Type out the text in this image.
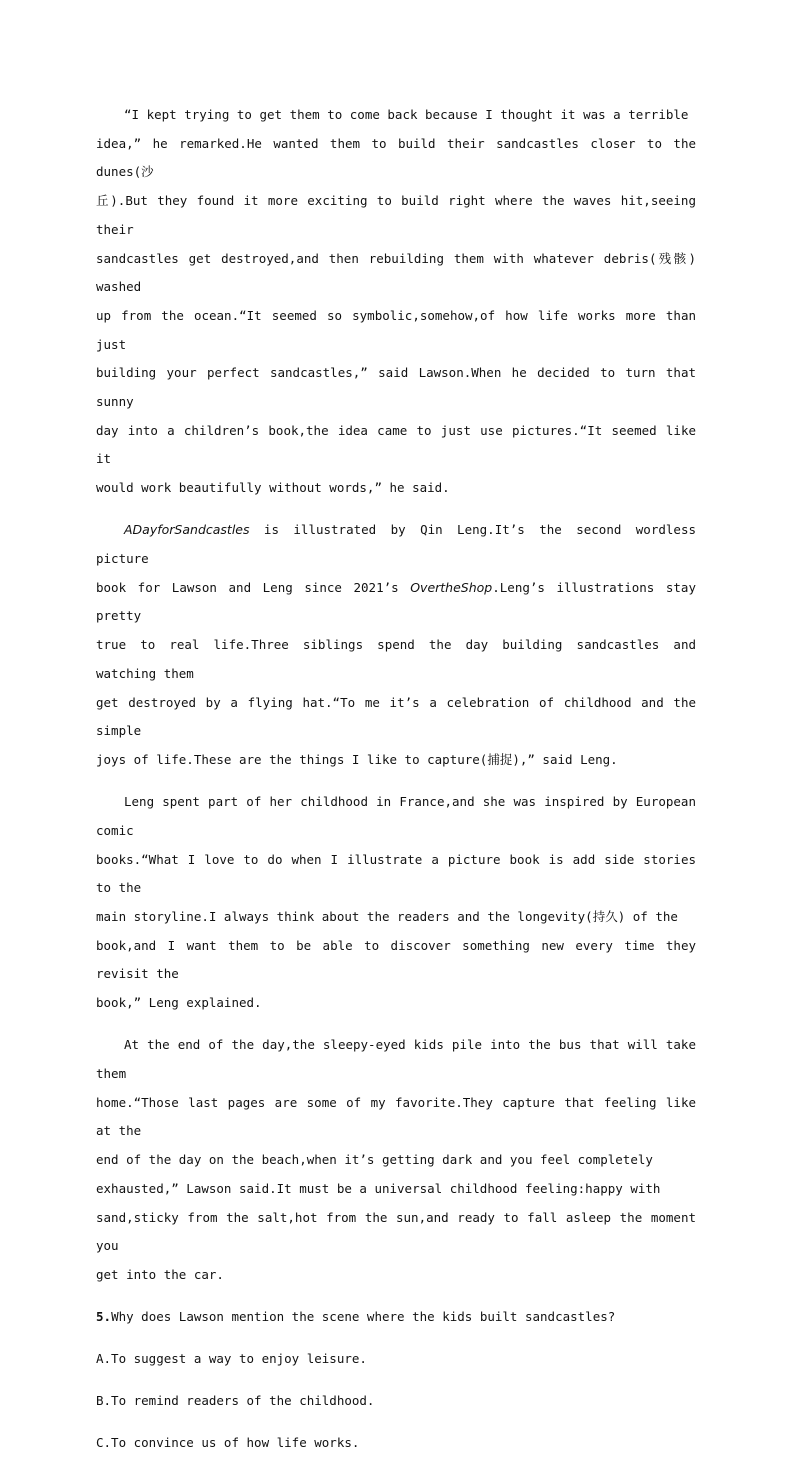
“I kept trying to get them to come back because I thought it was a terrible
idea,” he remarked.He wanted them to build their sandcastles closer to the dunes(沙
丘).But they found it more exciting to build right where the waves hit,seeing their
sandcastles get destroyed,and then rebuilding them with whatever debris(残骸) washed
up from the ocean.“It seemed so symbolic,somehow,of how life works more than just
building your perfect sandcastles,” said Lawson.When he decided to turn that sunny
day into a children’s book,the idea came to just use pictures.“It seemed like it
would work beautifully without words,” he said.

ADayforSandcastles is illustrated by Qin Leng.It’s the second wordless picture
book for Lawson and Leng since 2021’s OvertheShop.Leng’s illustrations stay pretty
true to real life.Three siblings spend the day building sandcastles and watching them
get destroyed by a flying hat.“To me it’s a celebration of childhood and the simple
joys of life.These are the things I like to capture(捕捉),” said Leng.

Leng spent part of her childhood in France,and she was inspired by European comic
books.“What I love to do when I illustrate a picture book is add side stories to the
main storyline.I always think about the readers and the longevity(持久) of the
book,and I want them to be able to discover something new every time they revisit the
book,” Leng explained.

At the end of the day,the sleepy-eyed kids pile into the bus that will take them
home.“Those last pages are some of my favorite.They capture that feeling like at the
end of the day on the beach,when it’s getting dark and you feel completely
exhausted,” Lawson said.It must be a universal childhood feeling:happy with
sand,sticky from the salt,hot from the sun,and ready to fall asleep the moment you
get into the car.

5.Why does Lawson mention the scene where the kids built sandcastles?
A.To suggest a way to enjoy leisure.
B.To remind readers of the childhood.
C.To convince us of how life works.
